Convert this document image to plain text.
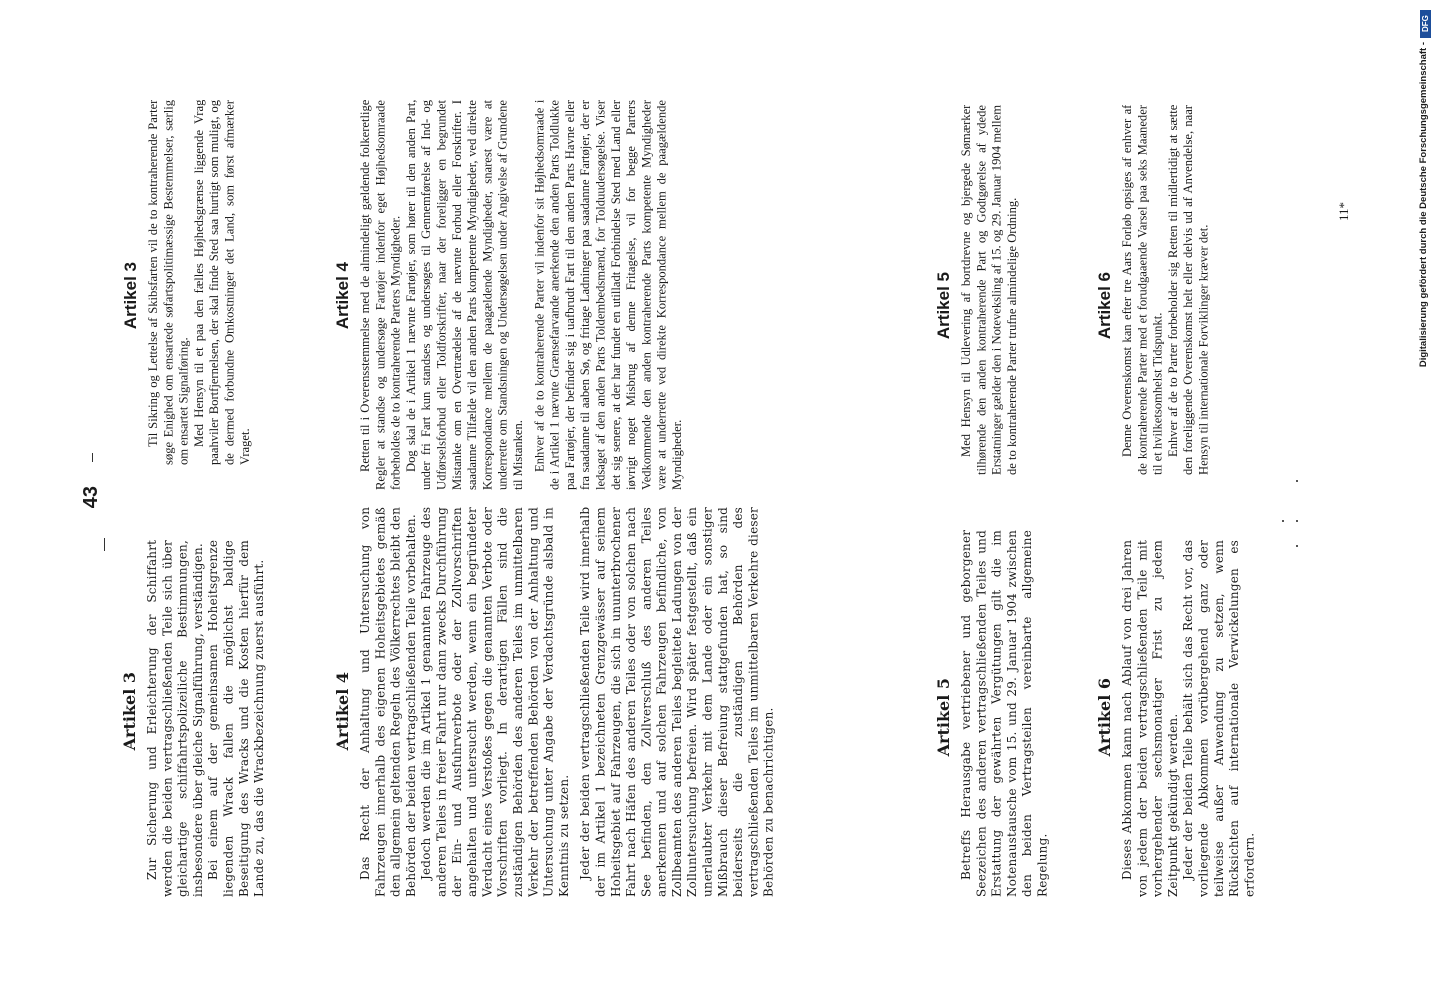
43
Artikel 3 Zur Sicherung und Erleichterung der Schiffahrt werden die beiden vertragschließenden Teile sich über gleichartige schiffahrtspolizeiliche Bestimmungen, insbesondere über gleiche Signalführung, verständigen. Bei einem auf der gemeinsamen Hoheitsgrenze liegenden Wrack fallen die möglichst baldige Beseitigung des Wracks und die Kosten hierfür dem Lande zu, das die Wrackbezeichnung zuerst ausführt.	Artikel 4 Das Recht der Anhaltung und Untersuchung von Fahrzeugen innerhalb des eigenen Hoheitsgebietes gemäß den allgemein geltenden Regeln des Völkerrechtes bleibt den Behörden der beiden vertragschließenden Teile vorbehalten. Jedoch werden die im Artikel 1 genannten Fahrzeuge des anderen Teiles in freier Fahrt nur dann zwecks Durchführung der Ein- und Ausfuhrverbote oder der Zollvorschriften angehalten und untersucht werden, wenn ein begründeter Verdacht eines Verstoßes gegen die genannten Verbote oder Vorschriften vorliegt. In derartigen Fällen sind die zuständigen Behörden des anderen Teiles im unmittelbaren Verkehr der betreffenden Behörden von der Anhaltung und Untersuchung unter Angabe der Verdachtsgründe alsbald in Kenntnis zu setzen. Jeder der beiden vertragschließenden Teile wird innerhalb der im Artikel 1 bezeichneten Grenzgewässer auf seinem Hoheitsgebiet auf Fahrzeugen, die sich in ununterbrochener Fahrt nach Häfen des anderen Teiles oder von solchen nach See befinden, den Zollverschluß des anderen Teiles anerkennen und auf solchen Fahrzeugen befindliche, von Zollbeamten des anderen Teiles begleitete Ladungen von der Zolluntersuchung befreien. Wird später festgestellt, daß ein unerlaubter Verkehr mit dem Lande oder ein sonstiger Mißbrauch dieser Befreiung stattgefunden hat, so sind beiderseits die zuständigen Behörden des vertragschließenden Teiles im unmittelbaren Verkehre dieser Behörden zu benachrichtigen.	Artikel 5 Betreffs Herausgabe vertriebener und geborgener Seezeichen des anderen vertragschließenden Teiles und Erstattung der gewährten Vergütungen gilt die im Notenaustausche vom 15. und 29. Januar 1904 zwischen den beiden Vertragsteilen vereinbarte allgemeine Regelung.

Artikel 6 Dieses Abkommen kann nach Ablauf von drei Jahren von jedem der beiden vertragschließenden Teile mit vorhergehender sechsmonatiger Frist zu jedem Zeitpunkt gekündigt werden. Jeder der beiden Teile behält sich das Recht vor, das vorliegende Abkommen vorübergehend ganz oder teilweise außer Anwendung zu setzen, wenn Rücksichten auf internationale Verwickelungen es erfordern.

Artikel 3 Til Sikring og Lettelse af Skibsfarten vil de to kontraherende Parter søge Enighed om ensartede søfartspolitimæssige Bestemmelser, særlig om ensartet Signalføring. Med Hensyn til et paa den fælles Højhedsgrænse liggende Vrag paahviler Bortfjernelsen, der skal finde Sted saa hurtigt som muligt, og de dermed forbundne Omkostninger det Land, som først afmærker Vraget.

Artikel 4 Retten til i Overensstemmelse med de almindeligt gældende folkeretlige Regler at standse og undersøge Fartøjer indenfor eget Højhedsomraade forbeholdes de to kontraherende Parters Myndigheder. Dog skal de i Artikel 1 nævnte Fartøjer, som hører til den anden Part, under fri Fart kun standses og undersøges til Gennemførelse af Ind- og Udførselsforbud eller Toldforskrifter, naar der foreligger en begrundet Mistanke om en Overtrædelse af de nævnte Forbud eller Forskrifter. I saadanne Tilfælde vil den anden Parts kompetente Myndigheder, ved direkte Korrespondance mellem de paagældende Myndigheder, snarest være at underrette om Standsningen og Undersøgelsen under Angivelse af Grundene til Mistanken. Enhver af de to kontraherende Parter vil indenfor sit Højhedsomraade i de i Artikel 1 nævnte Grænsefarvande anerkende den anden Parts Toldlukke paa Fartøjer, der befinder sig i uafbrudt Fart til den anden Parts Havne eller fra saadanne til aaben Sø, og fritage Ladninger paa saadanne Fartøjer, der er ledsaget af den anden Parts Toldembedsmænd, for Tolduudersøgelse. Viser det sig senere, at der har fundet en utilladt Forbindelse Sted med Land eller iøvrigt noget Misbrug af denne Fritagelse, vil for begge Parters Vedkommende den anden kontraherende Parts kompetente Myndigheder være at underrette ved direkte Korrespondance mellem de paagældende Myndigheder.

Artikel 5 Med Hensyn til Udlevering af bortdrevne og bjergede Sømærker tilhørende den anden kontraherende Part og Godtgørelse af ydede Erstatninger gælder den i Noteveksling af 15. og 29. Januar 1904 mellem de to kontraherende Parter trufne almindelige Ordning.	Artikel 6 Denne Overenskomst kan efter tre Aars Forløb opsiges af enhver af de kontraherende Parter med et forudgaaende Varsel paa seks Maaneder til et hvilketsomhelst Tidspunkt. Enhver af de to Parter forbeholder sig Retten til midlertidigt at sætte den foreliggende Overenskomst helt eller delvis ud af Anvendelse, naar Hensyn til internationale Forviklinger kræver det.

11*	Digitalisierung gefördert durch die Deutsche Forschungsgemeinschaft -
DFG
